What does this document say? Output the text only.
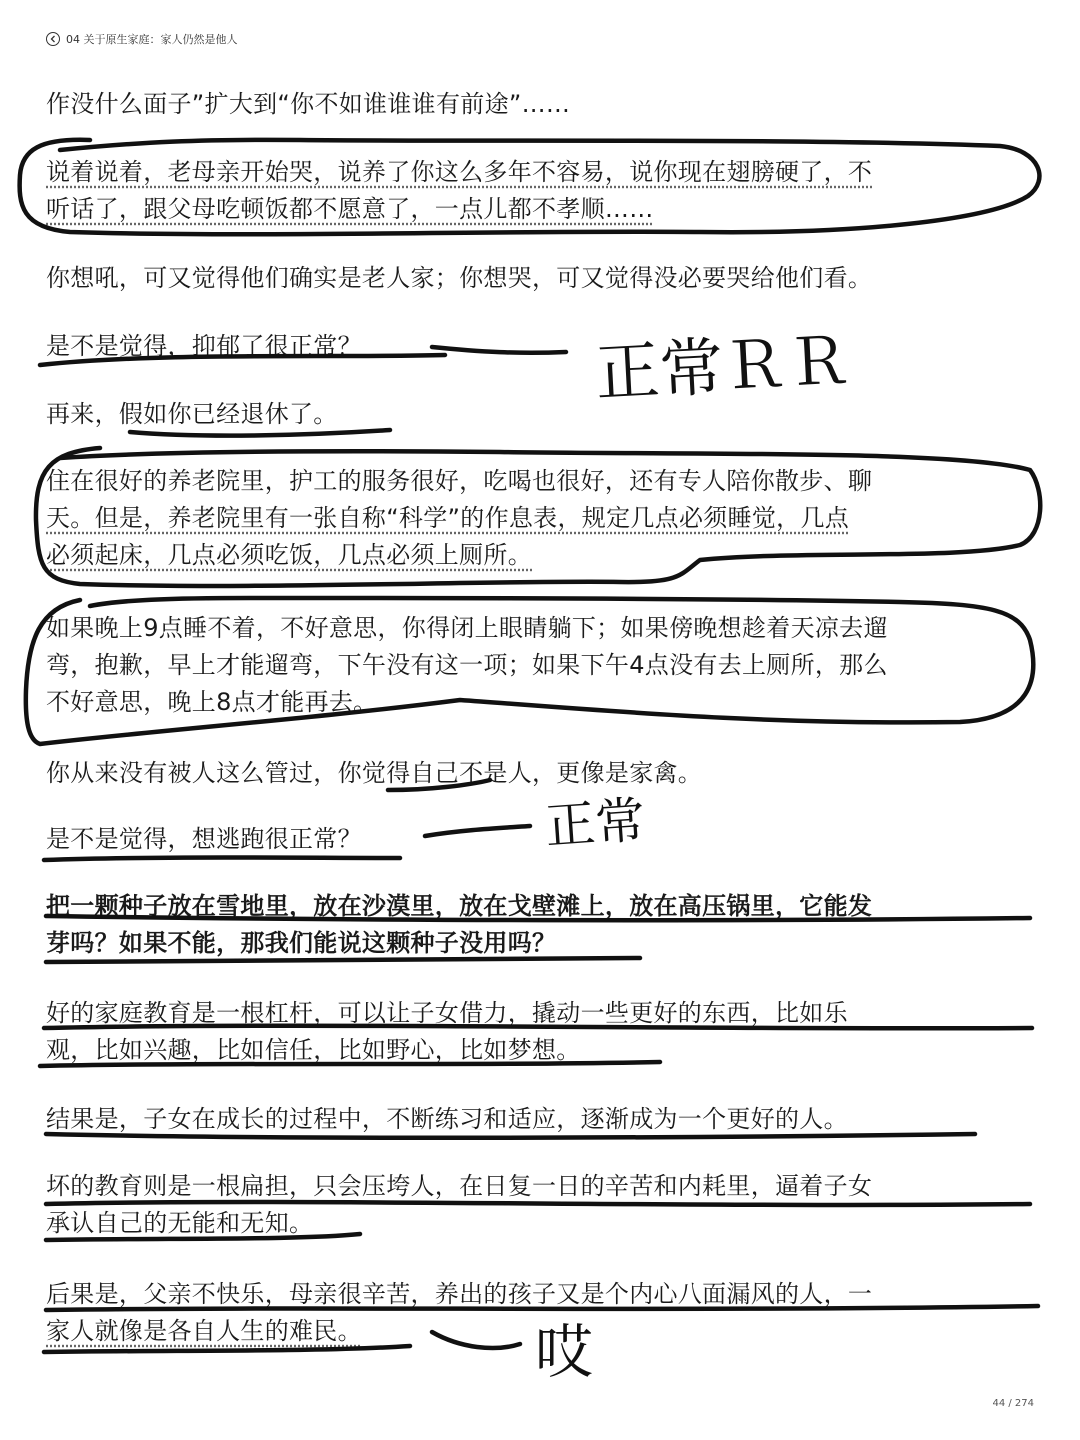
04 关于原生家庭：家人仍然是他人
作没什么面子”扩大到“你不如谁谁谁有前途”……
说着说着，老母亲开始哭，说养了你这么多年不容易，说你现在翅膀硬了，不
听话了，跟父母吃顿饭都不愿意了，一点儿都不孝顺……
你想吼，可又觉得他们确实是老人家；你想哭，可又觉得没必要哭给他们看。
是不是觉得，抑郁了很正常？
再来，假如你已经退休了。
住在很好的养老院里，护工的服务很好，吃喝也很好，还有专人陪你散步、聊
天。但是，养老院里有一张自称“科学”的作息表，规定几点必须睡觉，几点
必须起床，几点必须吃饭，几点必须上厕所。
如果晚上9点睡不着，不好意思，你得闭上眼睛躺下；如果傍晚想趁着天凉去遛
弯，抱歉，早上才能遛弯，下午没有这一项；如果下午4点没有去上厕所，那么
不好意思，晚上8点才能再去。
你从来没有被人这么管过，你觉得自己不是人，更像是家禽。
是不是觉得，想逃跑很正常？
把一颗种子放在雪地里，放在沙漠里，放在戈壁滩上，放在高压锅里，它能发
芽吗？如果不能，那我们能说这颗种子没用吗？
好的家庭教育是一根杠杆，可以让子女借力，撬动一些更好的东西，比如乐
观，比如兴趣，比如信任，比如野心，比如梦想。
结果是，子女在成长的过程中，不断练习和适应，逐渐成为一个更好的人。
坏的教育则是一根扁担，只会压垮人，在日复一日的辛苦和内耗里，逼着子女
承认自己的无能和无知。
后果是，父亲不快乐，母亲很辛苦，养出的孩子又是个内心八面漏风的人，一
家人就像是各自人生的难民。
正常ＲＲ
正常
哎
44 / 274
